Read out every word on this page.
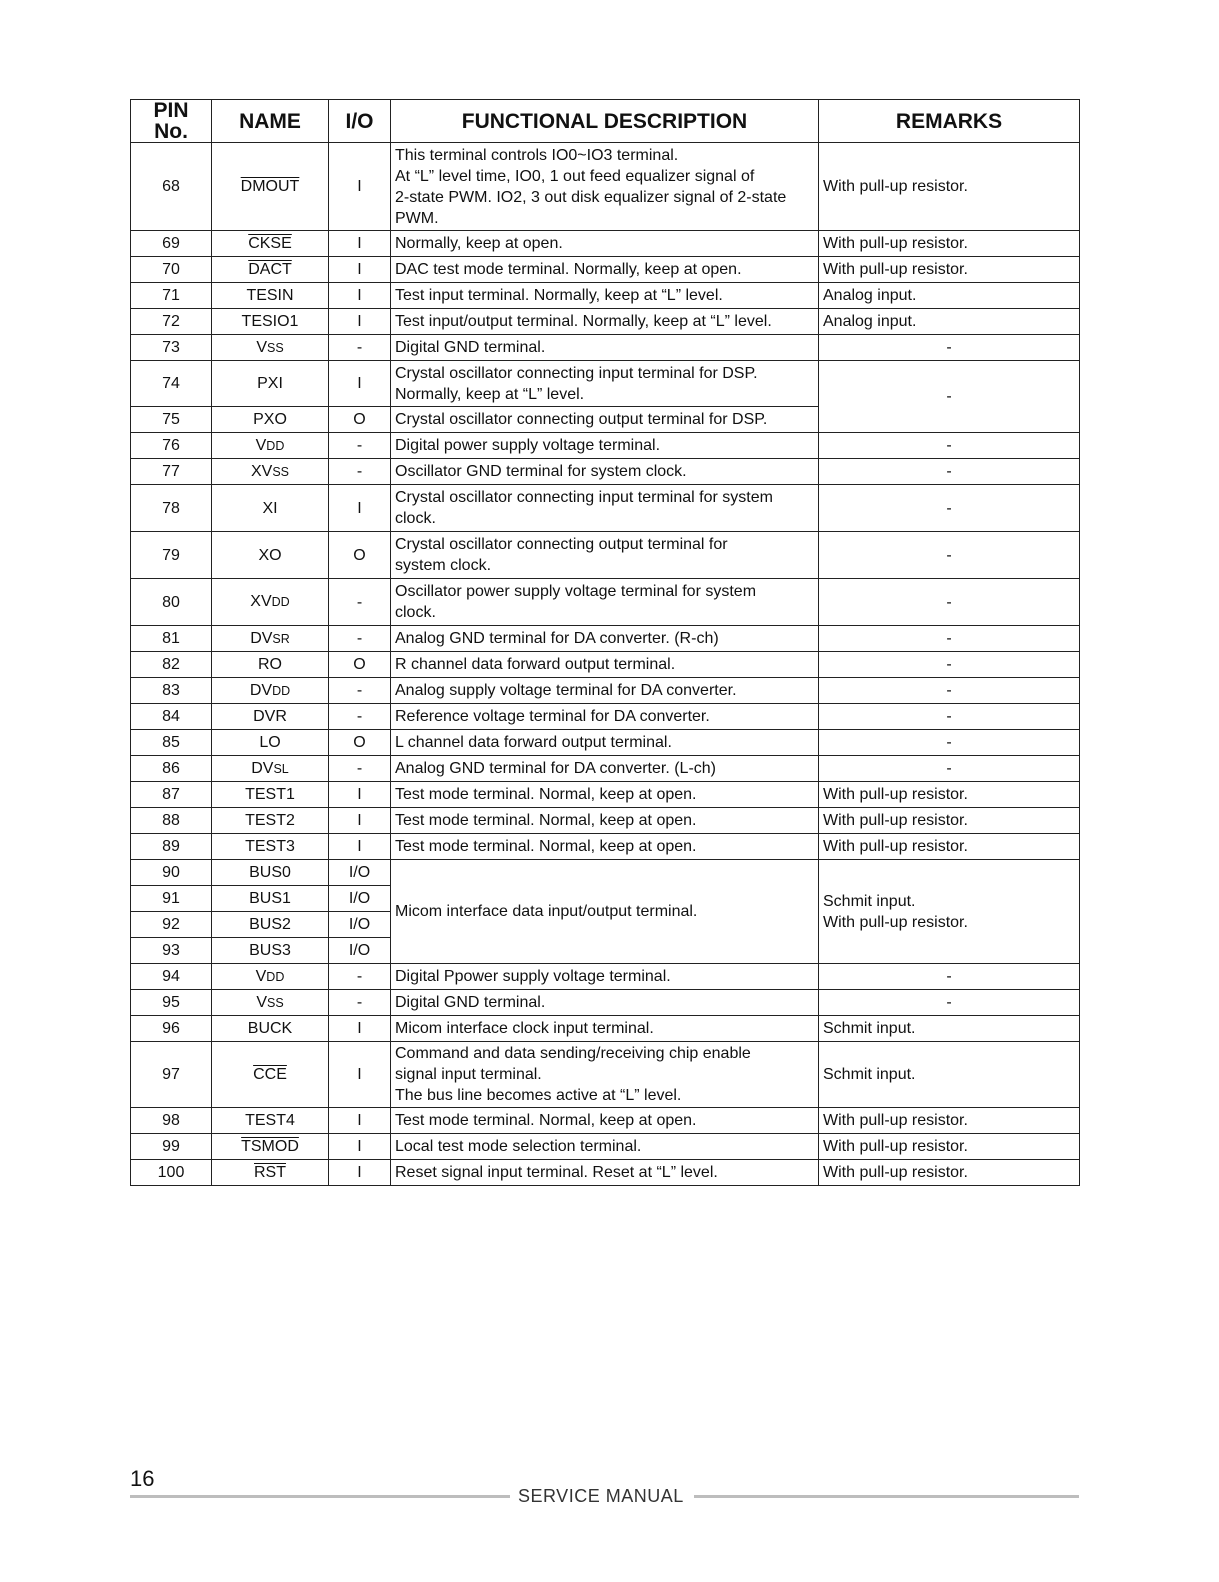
PIN No.	NAME	I/O	FUNCTIONAL DESCRIPTION	REMARKS
68	DMOUT	I	This terminal controls IO0~IO3 terminal.
At “L” level time, IO0, 1 out feed equalizer signal of
2-state PWM. IO2, 3 out disk equalizer signal of 2-state
PWM.	With pull-up resistor.
69	CKSE	I	Normally, keep at open.	With pull-up resistor.
70	DACT	I	DAC test mode terminal. Normally, keep at open.	With pull-up resistor.
71	TESIN	I	Test input terminal. Normally, keep at “L” level.	Analog input.
72	TESIO1	I	Test input/output terminal. Normally, keep at “L” level.	Analog input.
73	VSS	-	Digital GND terminal.	-
74	PXI	I	Crystal oscillator connecting input terminal for DSP.
Normally, keep at “L” level.	-
75	PXO	O	Crystal oscillator connecting output terminal for DSP.	
76	VDD	-	Digital power supply voltage terminal.	-
77	XVSS	-	Oscillator GND terminal for system clock.	-
78	XI	I	Crystal oscillator connecting input terminal for system
clock.	-
79	XO	O	Crystal oscillator connecting output terminal for
system clock.	-
80	XVDD	-	Oscillator power supply voltage terminal for system
clock.	-
81	DVSR	-	Analog GND terminal for DA converter. (R-ch)	-
82	RO	O	R channel data forward output terminal.	-
83	DVDD	-	Analog supply voltage terminal for DA converter.	-
84	DVR	-	Reference voltage terminal for DA converter.	-
85	LO	O	L channel data forward output terminal.	-
86	DVSL	-	Analog GND terminal for DA converter. (L-ch)	-
87	TEST1	I	Test mode terminal. Normal, keep at open.	With pull-up resistor.
88	TEST2	I	Test mode terminal. Normal, keep at open.	With pull-up resistor.
89	TEST3	I	Test mode terminal. Normal, keep at open.	With pull-up resistor.
90	BUS0	I/O	Micom interface data input/output terminal.	Schmit input.
With pull-up resistor.

91	BUS1	I/O		
92	BUS2	I/O		
93	BUS3	I/O		
94	VDD	-	Digital Ppower supply voltage terminal.	-
95	VSS	-	Digital GND terminal.	-
96	BUCK	I	Micom interface clock input terminal.	Schmit input.
97	$\overline{CCE}$	I	Command and data sending/receiving chip enable
signal input terminal.
The bus line becomes active at “L” level.	Schmit input.
98	TEST4	I	Test mode terminal. Normal, keep at open.	With pull-up resistor.
99	TSMOD	I	Local test mode selection terminal.	With pull-up resistor.
100	$\overline{RST}$	I	Reset signal input terminal. Reset at “L” level.	With pull-up resistor.
16
SERVICE MANUAL
